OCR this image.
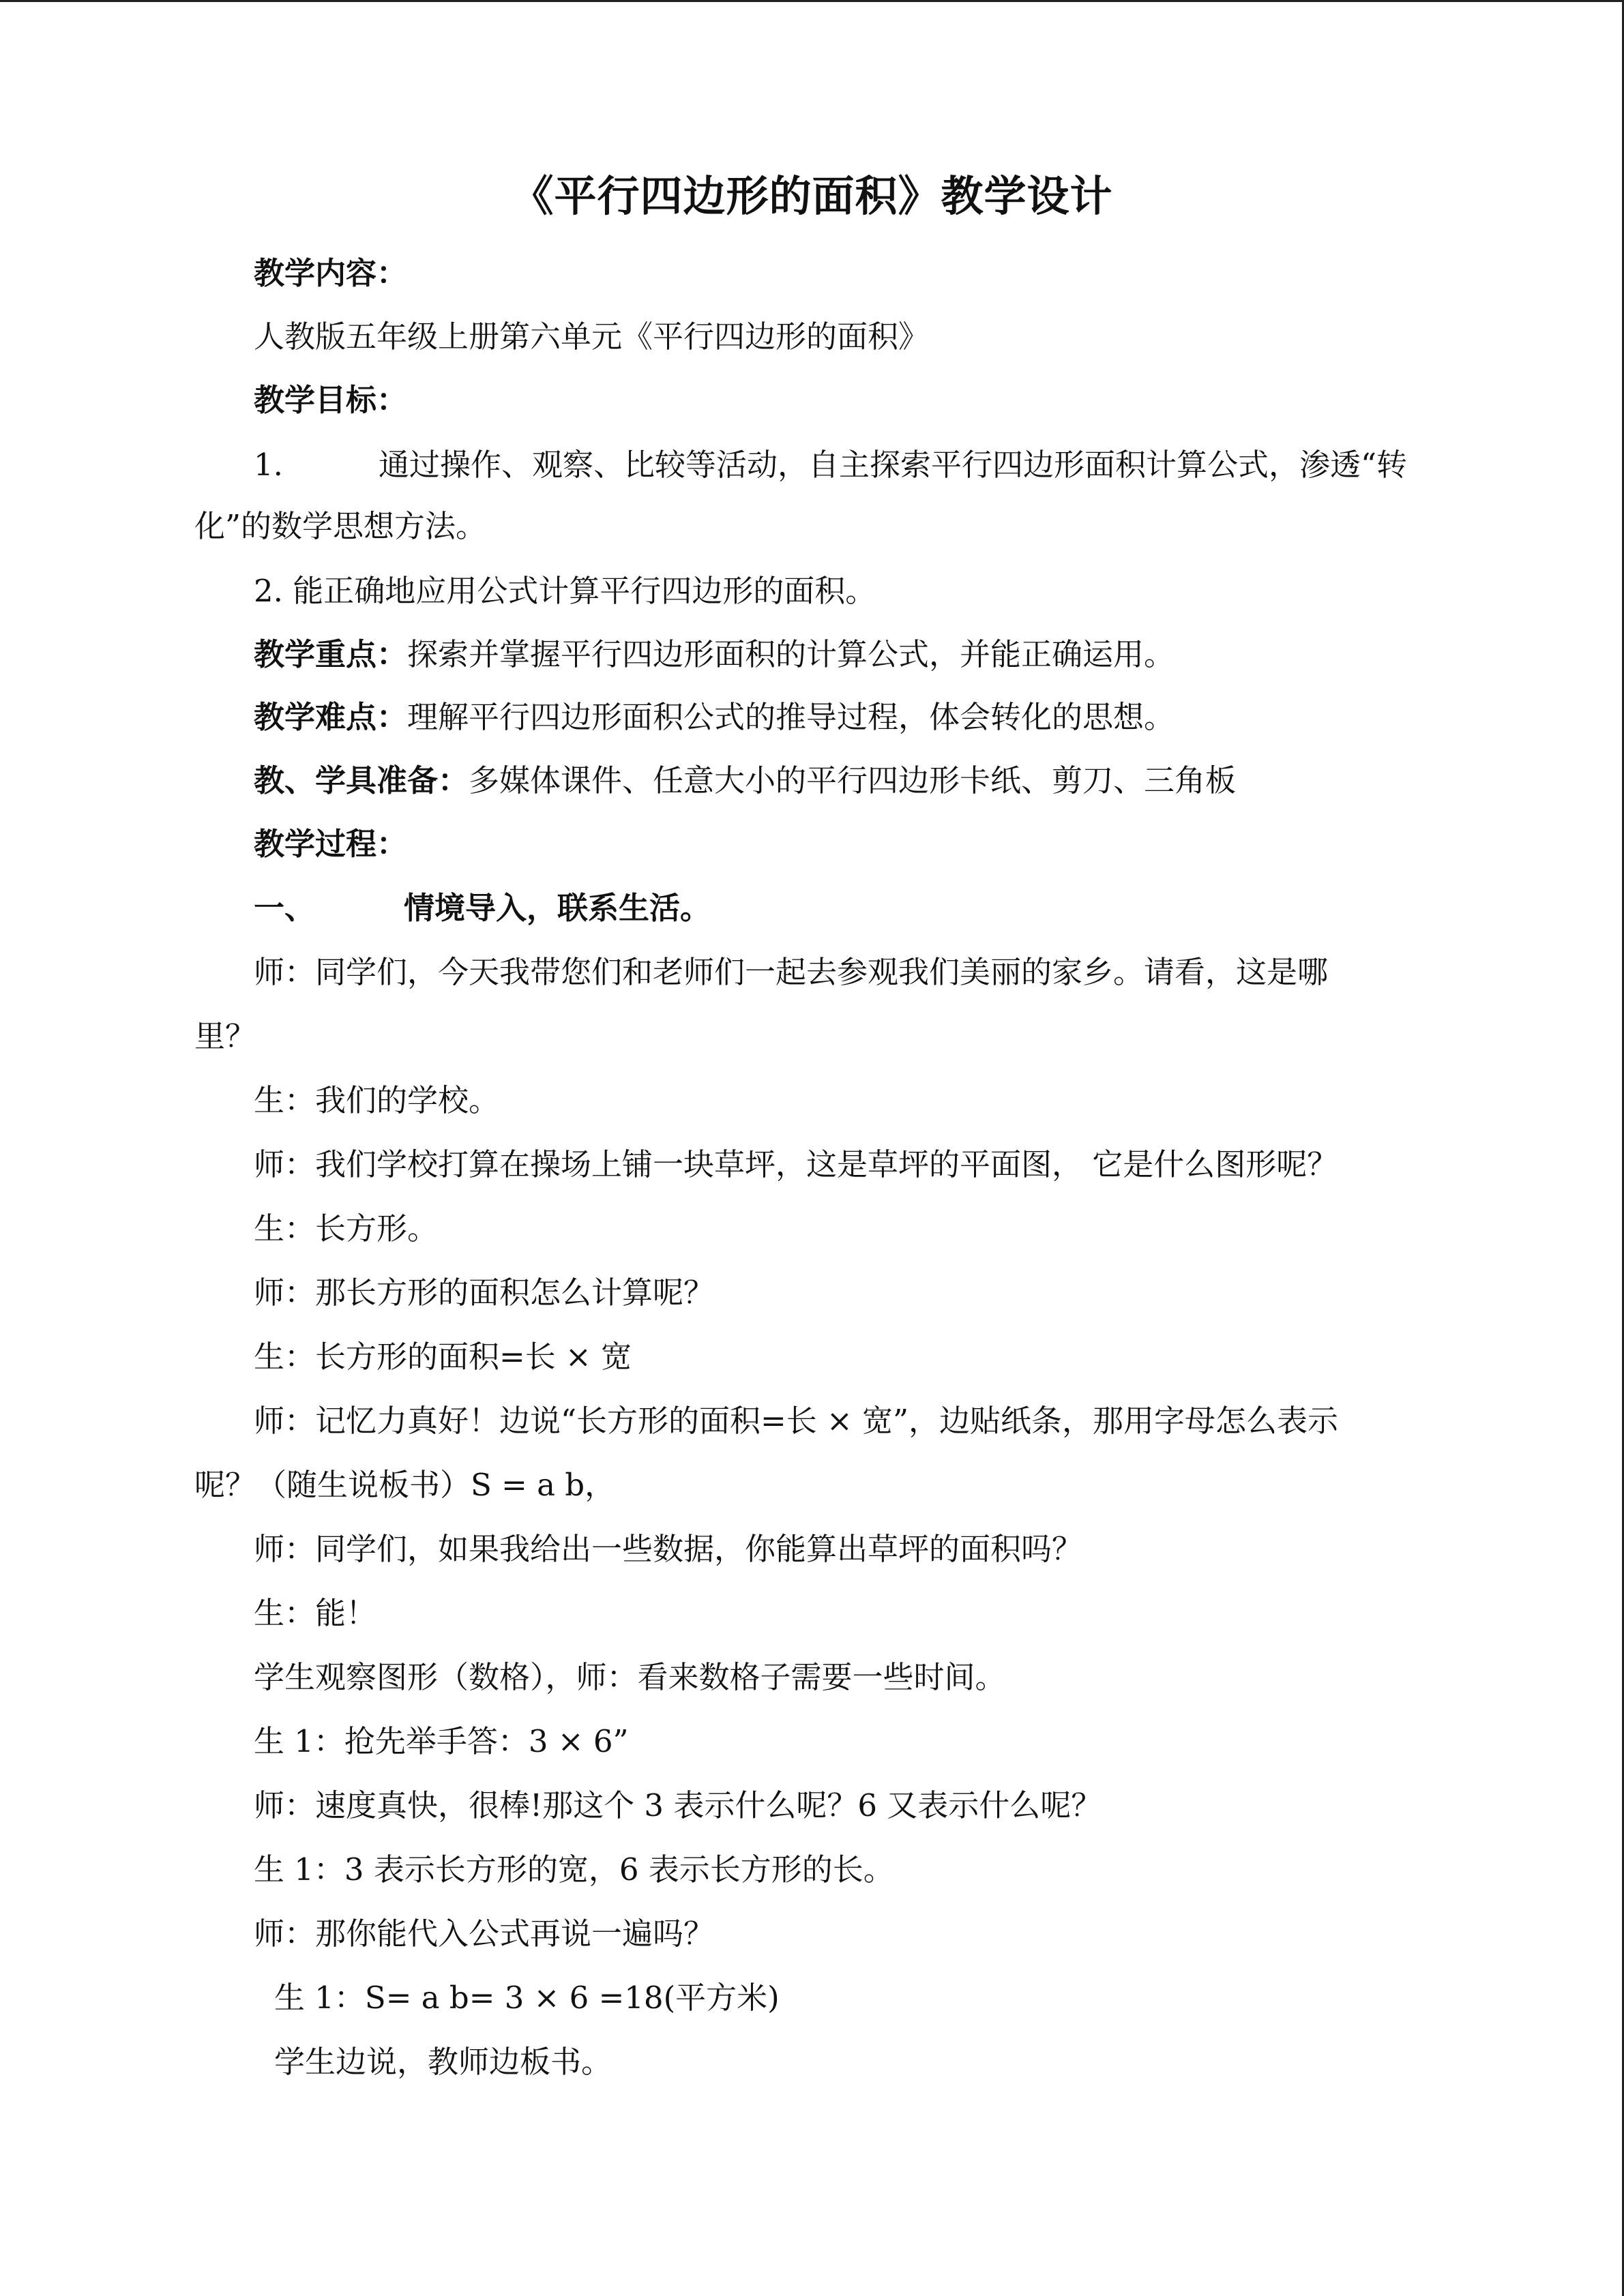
《平行四边形的面积》教学设计
教学内容：
人教版五年级上册第六单元《平行四边形的面积》
教学目标：
1.	通过操作、观察、比较等活动，自主探索平行四边形面积计算公式，渗透“转
化”的数学思想方法。
2. 能正确地应用公式计算平行四边形的面积。
教学重点：探索并掌握平行四边形面积的计算公式，并能正确运用。
教学难点：理解平行四边形面积公式的推导过程，体会转化的思想。
教、学具准备：多媒体课件、任意大小的平行四边形卡纸、剪刀、三角板
教学过程：
一、	情境导入，联系生活。
师：同学们，今天我带您们和老师们一起去参观我们美丽的家乡。请看，这是哪
里？
生：我们的学校。
师：我们学校打算在操场上铺一块草坪，这是草坪的平面图， 它是什么图形呢？
生：长方形。
师：那长方形的面积怎么计算呢？
生：长方形的面积=长 × 宽
师：记忆力真好！边说“长方形的面积=长 × 宽”，边贴纸条，那用字母怎么表示
呢？（随生说板书）S = a b，
师：同学们，如果我给出一些数据，你能算出草坪的面积吗？
生：能！
学生观察图形（数格），师：看来数格子需要一些时间。
生 1：抢先举手答：3 × 6”
师：速度真快，很棒!那这个 3 表示什么呢？6 又表示什么呢？
生 1：3 表示长方形的宽，6 表示长方形的长。
师：那你能代入公式再说一遍吗？
生 1：S= a b= 3 × 6 =18(平方米)
学生边说，教师边板书。
